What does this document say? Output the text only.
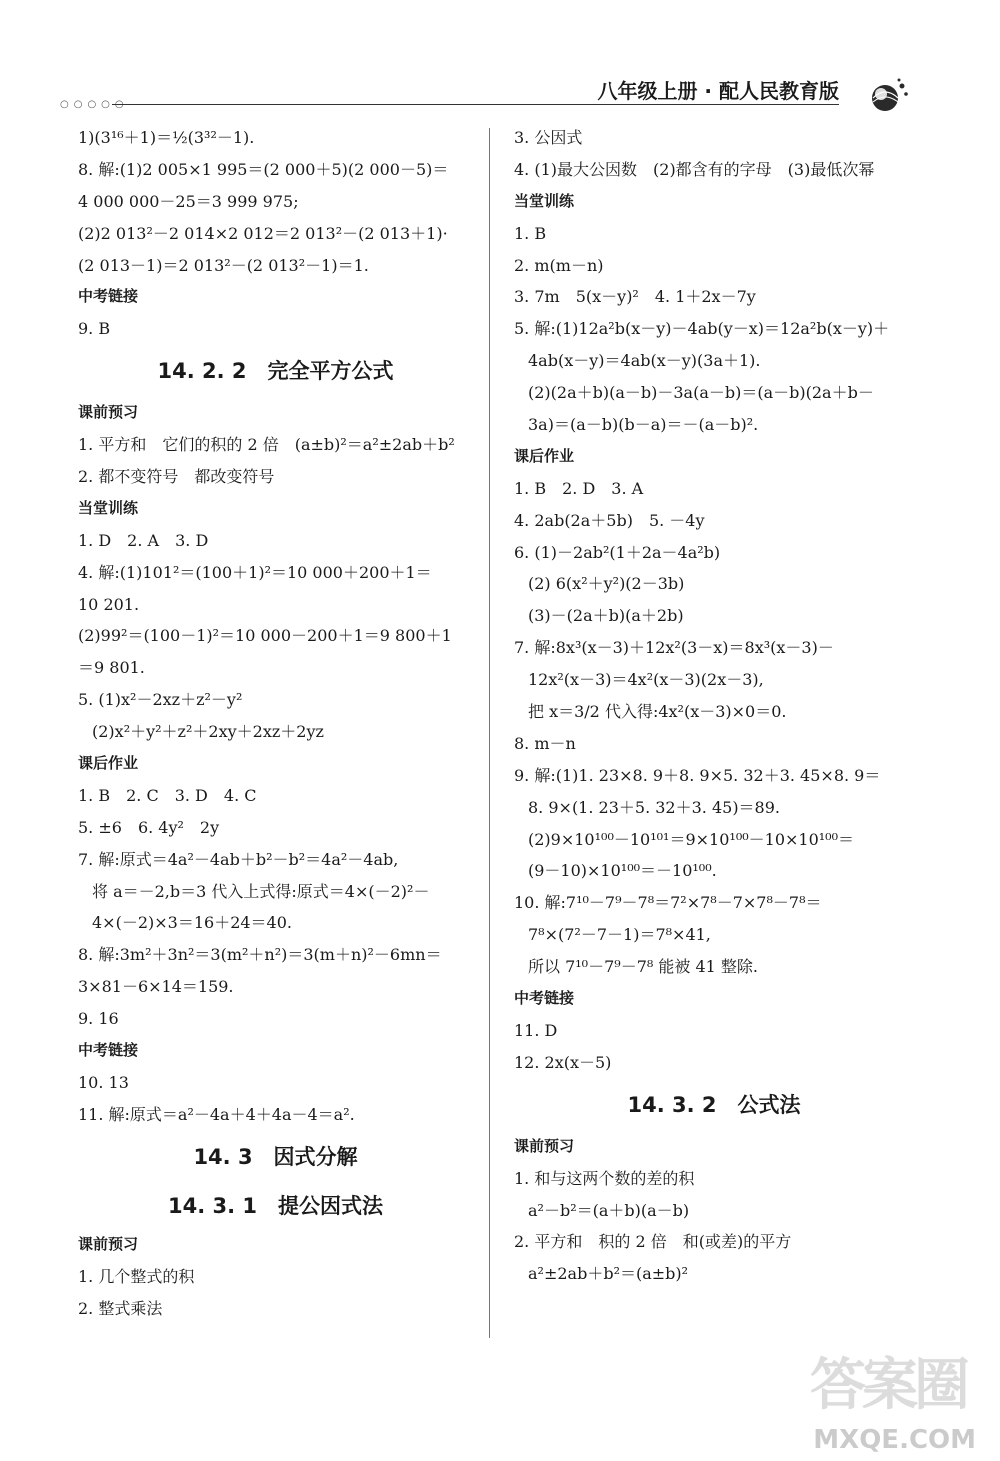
○○○○○
八年级上册 · 配人民教育版
1)(3¹⁶＋1)＝½(3³²－1).
8. 解:(1)2 005×1 995＝(2 000＋5)(2 000－5)＝
4 000 000－25＝3 999 975;
(2)2 013²－2 014×2 012＝2 013²－(2 013＋1)·
(2 013－1)＝2 013²－(2 013²－1)＝1.
中考链接
9. B
14. 2. 2　完全平方公式
课前预习
1. 平方和　它们的积的 2 倍　(a±b)²＝a²±2ab＋b²
2. 都不变符号　都改变符号
当堂训练
1. D　2. A　3. D
4. 解:(1)101²＝(100＋1)²＝10 000＋200＋1＝
10 201.
(2)99²＝(100－1)²＝10 000－200＋1＝9 800＋1
＝9 801.
5. (1)x²－2xz＋z²－y²
(2)x²＋y²＋z²＋2xy＋2xz＋2yz
课后作业
1. B　2. C　3. D　4. C
5. ±6　6. 4y²　2y
7. 解:原式＝4a²－4ab＋b²－b²＝4a²－4ab,
将 a＝－2,b＝3 代入上式得:原式＝4×(－2)²－
4×(－2)×3＝16＋24＝40.
8. 解:3m²＋3n²＝3(m²＋n²)＝3(m＋n)²－6mn＝
3×81－6×14＝159.
9. 16
中考链接
10. 13
11. 解:原式＝a²－4a＋4＋4a－4＝a².
14. 3　因式分解
14. 3. 1　提公因式法
课前预习
1. 几个整式的积
2. 整式乘法
3. 公因式
4. (1)最大公因数　(2)都含有的字母　(3)最低次幂
当堂训练
1. B
2. m(m－n)
3. 7m　5(x－y)²　4. 1＋2x－7y
5. 解:(1)12a²b(x－y)－4ab(y－x)＝12a²b(x－y)＋
4ab(x－y)＝4ab(x－y)(3a＋1).
(2)(2a＋b)(a－b)－3a(a－b)＝(a－b)(2a＋b－
3a)＝(a－b)(b－a)＝－(a－b)².
课后作业
1. B　2. D　3. A
4. 2ab(2a＋5b)　5. －4y
6. (1)－2ab²(1＋2a－4a²b)
(2) 6(x²＋y²)(2－3b)
(3)－(2a＋b)(a＋2b)
7. 解:8x³(x－3)＋12x²(3－x)＝8x³(x－3)－
12x²(x－3)＝4x²(x－3)(2x－3),
把 x＝3/2 代入得:4x²(x－3)×0＝0.
8. m－n
9. 解:(1)1. 23×8. 9＋8. 9×5. 32＋3. 45×8. 9＝
8. 9×(1. 23＋5. 32＋3. 45)＝89.
(2)9×10¹⁰⁰－10¹⁰¹＝9×10¹⁰⁰－10×10¹⁰⁰＝
(9－10)×10¹⁰⁰＝－10¹⁰⁰.
10. 解:7¹⁰－7⁹－7⁸＝7²×7⁸－7×7⁸－7⁸＝
7⁸×(7²－7－1)＝7⁸×41,
所以 7¹⁰－7⁹－7⁸ 能被 41 整除.
中考链接
11. D
12. 2x(x－5)
14. 3. 2　公式法
课前预习
1. 和与这两个数的差的积
a²－b²＝(a＋b)(a－b)
2. 平方和　积的 2 倍　和(或差)的平方
a²±2ab＋b²＝(a±b)²
答案圈
MXQE.COM
